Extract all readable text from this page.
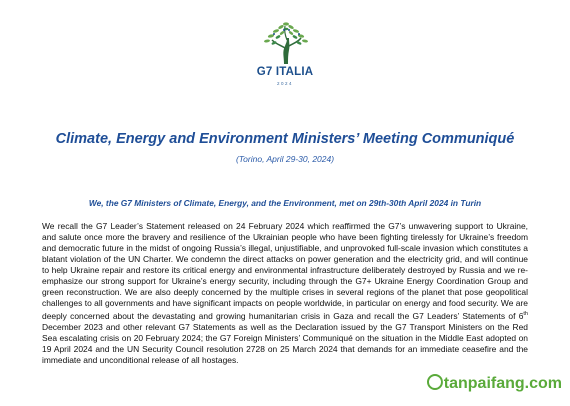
G7 ITALIA
2024
Climate, Energy and Environment Ministers’ Meeting Communiqué
(Torino, April 29-30, 2024)
We, the G7 Ministers of Climate, Energy, and the Environment, met on 29th-30th April 2024 in Turin

We recall the G7 Leader’s Statement released on 24 February 2024 which reaffirmed the G7’s unwavering support to Ukraine, and salute once more the bravery and resilience of the Ukrainian people who have been fighting tirelessly for Ukraine’s freedom and democratic future in the midst of ongoing Russia’s illegal, unjustifiable, and unprovoked full-scale invasion which constitutes a blatant violation of the UN Charter. We condemn the direct attacks on power generation and the electricity grid, and will continue to help Ukraine repair and restore its critical energy and environmental infrastructure deliberately destroyed by Russia and we re-emphasize our strong support for Ukraine’s energy security, including through the G7+ Ukraine Energy Coordination Group and green reconstruction. We are also deeply concerned by the multiple crises in several regions of the planet that pose geopolitical challenges to all governments and have significant impacts on people worldwide, in particular on energy and food security. We are deeply concerned about the devastating and growing humanitarian crisis in Gaza and recall the G7 Leaders’ Statements of 6th December 2023 and other relevant G7 Statements as well as the Declaration issued by the G7 Transport Ministers on the Red Sea escalating crisis on 20 February 2024; the G7 Foreign Ministers’ Communiqué on the situation in the Middle East adopted on 19 April 2024 and the UN Security Council resolution 2728 on 25 March 2024 that demands for an immediate ceasefire and the immediate and unconditional release of all hostages.

tanpaifang.com
